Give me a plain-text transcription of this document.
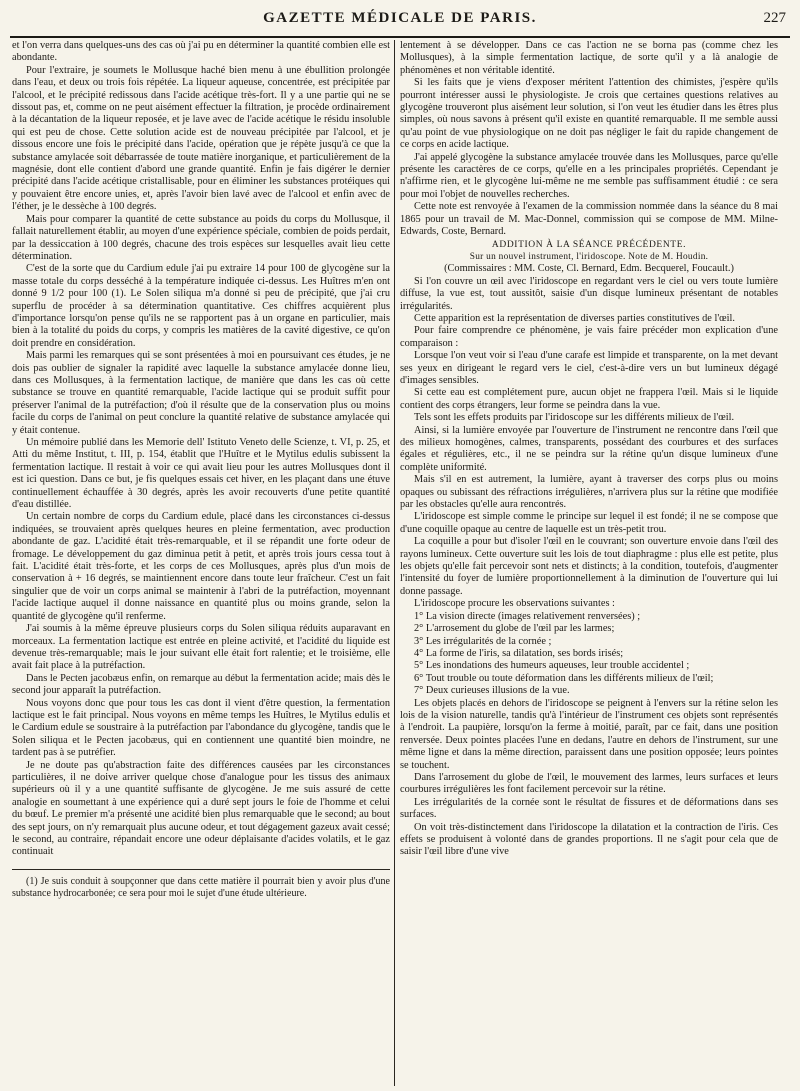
GAZETTE MÉDICALE DE PARIS.	227

et l'on verra dans quelques-uns des cas où j'ai pu en déterminer la quantité combien elle est abondante.

Pour l'extraire, je soumets le Mollusque haché bien menu à une ébullition prolongée dans l'eau, et deux ou trois fois répétée. La liqueur aqueuse, concentrée, est précipitée par l'alcool, et le précipité redissous dans l'acide acétique très-fort. Il y a une partie qui ne se dissout pas, et, comme on ne peut aisément effectuer la filtration, je procède ordinairement à la décantation de la liqueur reposée, et je lave avec de l'acide acétique le résidu insoluble qui est peu de chose. Cette solution acide est de nouveau précipitée par l'alcool, et je dissous encore une fois le précipité dans l'acide, opération que je répète jusqu'à ce que la substance amylacée soit débarrassée de toute matière inorganique, et particulièrement de la magnésie, dont elle contient d'abord une grande quantité. Enfin je fais digérer le dernier précipité dans l'acide acétique cristallisable, pour en éliminer les substances protéiques qui y pouvaient être encore unies, et, après l'avoir bien lavé avec de l'alcool et enfin avec de l'éther, je le dessèche à 100 degrés.

Mais pour comparer la quantité de cette substance au poids du corps du Mollusque, il fallait naturellement établir, au moyen d'une expérience spéciale, combien de poids perdait, par la dessiccation à 100 degrés, chacune des trois espèces sur lesquelles avait lieu cette détermination.

C'est de la sorte que du Cardium edule j'ai pu extraire 14 pour 100 de glycogène sur la masse totale du corps desséché à la température indiquée ci-dessus. Les Huîtres m'en ont donné 9 1/2 pour 100 (1). Le Solen siliqua m'a donné si peu de précipité, que j'ai cru superflu de procéder à sa détermination quantitative. Ces chiffres acquièrent plus d'importance lorsqu'on pense qu'ils ne se rapportent pas à un organe en particulier, mais bien à la totalité du poids du corps, y compris les matières de la cavité digestive, ce qu'on doit prendre en considération.

Mais parmi les remarques qui se sont présentées à moi en poursuivant ces études, je ne dois pas oublier de signaler la rapidité avec laquelle la substance amylacée donne lieu, dans ces Mollusques, à la fermentation lactique, de manière que dans les cas où cette substance se trouve en quantité remarquable, l'acide lactique qui se produit suffit pour préserver l'animal de la putréfaction; d'où il résulte que de la conservation plus ou moins facile du corps de l'animal on peut conclure la quantité relative de substance amylacée qui y était contenue.

Un mémoire publié dans les Memorie dell' Istituto Veneto delle Scienze, t. VI, p. 25, et Atti du même Institut, t. III, p. 154, établit que l'Huître et le Mytilus edulis subissent la fermentation lactique. Il restait à voir ce qui avait lieu pour les autres Mollusques dont il est ici question. Dans ce but, je fis quelques essais cet hiver, en les plaçant dans une étuve continuellement échauffée à 30 degrés, après les avoir recouverts d'une petite quantité d'eau distillée.

Un certain nombre de corps du Cardium edule, placé dans les circonstances ci-dessus indiquées, se trouvaient après quelques heures en pleine fermentation, avec production abondante de gaz. L'acidité était très-remarquable, et il se répandit une forte odeur de fromage. Le développement du gaz diminua petit à petit, et après trois jours cessa tout à fait. L'acidité était très-forte, et les corps de ces Mollusques, après plus d'un mois de conservation à + 16 degrés, se maintiennent encore dans toute leur fraîcheur. C'est un fait singulier que de voir un corps animal se maintenir à l'abri de la putréfaction, moyennant l'acide lactique auquel il donne naissance en quantité plus ou moins grande, selon la quantité de glycogène qu'il renferme.

J'ai soumis à la même épreuve plusieurs corps du Solen siliqua réduits auparavant en morceaux. La fermentation lactique est entrée en pleine activité, et l'acidité du liquide est devenue très-remarquable; mais le jour suivant elle était fort ralentie; et le troisième, elle avait fait place à la putréfaction.

Dans le Pecten jacobæus enfin, on remarque au début la fermentation acide; mais dès le second jour apparaît la putréfaction.

Nous voyons donc que pour tous les cas dont il vient d'être question, la fermentation lactique est le fait principal. Nous voyons en même temps les Huîtres, le Mytilus edulis et le Cardium edule se soustraire à la putréfaction par l'abondance du glycogène, tandis que le Solen siliqua et le Pecten jacobæus, qui en contiennent une quantité bien moindre, ne tardent pas à se putréfier.

Je ne doute pas qu'abstraction faite des différences causées par les circonstances particulières, il ne doive arriver quelque chose d'analogue pour les tissus des animaux supérieurs où il y a une quantité suffisante de glycogène. Je me suis assuré de cette analogie en soumettant à une expérience qui a duré sept jours le foie de l'homme et celui du bœuf. Le premier m'a présenté une acidité bien plus remarquable que le second; au bout des sept jours, on n'y remarquait plus aucune odeur, et tout dégagement gazeux avait cessé; le second, au contraire, répandait encore une odeur déplaisante d'acides volatils, et le gaz continuait

(1) Je suis conduit à soupçonner que dans cette matière il pourrait bien y avoir plus d'une substance hydrocarbonée; ce sera pour moi le sujet d'une étude ultérieure.

lentement à se développer. Dans ce cas l'action ne se borna pas (comme chez les Mollusques), à la simple fermentation lactique, de sorte qu'il y a là analogie de phénomènes et non véritable identité.

Si les faits que je viens d'exposer méritent l'attention des chimistes, j'espère qu'ils pourront intéresser aussi le physiologiste. Je crois que certaines questions relatives au glycogène trouveront plus aisément leur solution, si l'on veut les étudier dans les êtres plus simples, où nous savons à présent qu'il existe en quantité remarquable. Il me semble aussi qu'au point de vue physiologique on ne doit pas négliger le fait du rapide changement de ce corps en acide lactique.

J'ai appelé glycogène la substance amylacée trouvée dans les Mollusques, parce qu'elle présente les caractères de ce corps, qu'elle en a les principales propriétés. Cependant je n'affirme rien, et le glycogène lui-même ne me semble pas suffisamment étudié : ce sera pour moi l'objet de nouvelles recherches.

Cette note est renvoyée à l'examen de la commission nommée dans la séance du 8 mai 1865 pour un travail de M. Mac-Donnel, commission qui se compose de MM. Milne-Edwards, Coste, Bernard.

ADDITION À LA SÉANCE PRÉCÉDENTE.

Sur un nouvel instrument, l'iridoscope. Note de M. Houdin.

(Commissaires : MM. Coste, Cl. Bernard, Edm. Becquerel, Foucault.)

Si l'on couvre un œil avec l'iridoscope en regardant vers le ciel ou vers toute lumière diffuse, la vue est, tout aussitôt, saisie d'un disque lumineux présentant de notables irrégularités.

Cette apparition est la représentation de diverses parties constitutives de l'œil.

Pour faire comprendre ce phénomène, je vais faire précéder mon explication d'une comparaison :

Lorsque l'on veut voir si l'eau d'une carafe est limpide et transparente, on la met devant ses yeux en dirigeant le regard vers le ciel, c'est-à-dire vers un but lumineux dégagé d'images sensibles.

Si cette eau est complétement pure, aucun objet ne frappera l'œil. Mais si le liquide contient des corps étrangers, leur forme se peindra dans la vue.

Tels sont les effets produits par l'iridoscope sur les différents milieux de l'œil.

Ainsi, si la lumière envoyée par l'ouverture de l'instrument ne rencontre dans l'œil que des milieux homogènes, calmes, transparents, possédant des courbures et des surfaces égales et régulières, etc., il ne se peindra sur la rétine qu'un disque lumineux d'une complète uniformité.

Mais s'il en est autrement, la lumière, ayant à traverser des corps plus ou moins opaques ou subissant des réfractions irrégulières, n'arrivera plus sur la rétine que modifiée par les obstacles qu'elle aura rencontrés.

L'iridoscope est simple comme le principe sur lequel il est fondé; il ne se compose que d'une coquille opaque au centre de laquelle est un très-petit trou.

La coquille a pour but d'isoler l'œil en le couvrant; son ouverture envoie dans l'œil des rayons lumineux. Cette ouverture suit les lois de tout diaphragme : plus elle est petite, plus les objets qu'elle fait percevoir sont nets et distincts; à la condition, toutefois, d'augmenter l'intensité du foyer de lumière proportionnellement à la diminution de l'ouverture qui lui donne passage.

L'iridoscope procure les observations suivantes :

1° La vision directe (images relativement renversées) ;

2° L'arrosement du globe de l'œil par les larmes;

3° Les irrégularités de la cornée ;

4° La forme de l'iris, sa dilatation, ses bords irisés;

5° Les inondations des humeurs aqueuses, leur trouble accidentel ;

6° Tout trouble ou toute déformation dans les différents milieux de l'œil;

7° Deux curieuses illusions de la vue.

Les objets placés en dehors de l'iridoscope se peignent à l'envers sur la rétine selon les lois de la vision naturelle, tandis qu'à l'intérieur de l'instrument ces objets sont représentés à l'endroit. La paupière, lorsqu'on la ferme à moitié, paraît, par ce fait, dans une position renversée. Deux pointes placées l'une en dedans, l'autre en dehors de l'instrument, sur une même ligne et dans la même direction, paraissent dans une position opposée; leurs pointes se touchent.

Dans l'arrosement du globe de l'œil, le mouvement des larmes, leurs surfaces et leurs courbures irrégulières les font facilement percevoir sur la rétine.

Les irrégularités de la cornée sont le résultat de fissures et de déformations dans ses surfaces.

On voit très-distinctement dans l'iridoscope la dilatation et la contraction de l'iris. Ces effets se produisent à volonté dans de grandes proportions. Il ne s'agit pour cela que de saisir l'œil libre d'une vive
